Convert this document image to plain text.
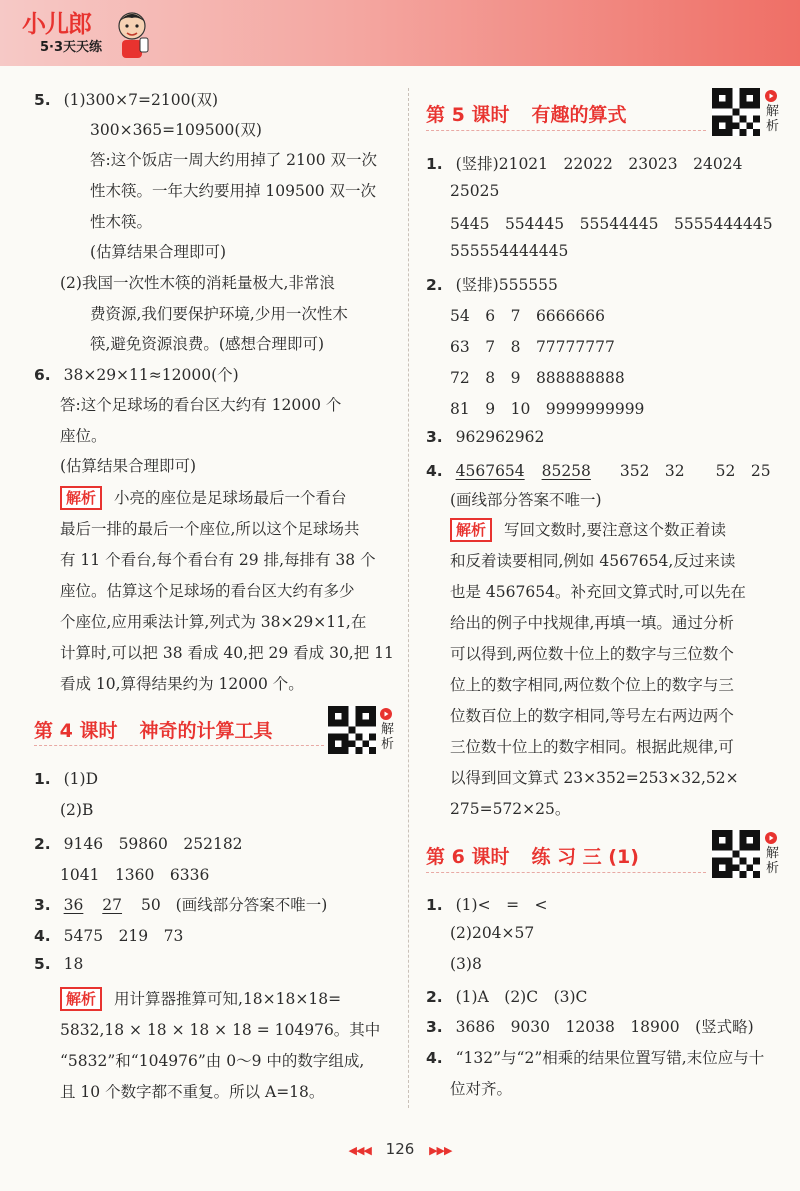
小儿郎
5·3天天练
5. (1)300×7=2100(双)
300×365=109500(双)
答:这个饭店一周大约用掉了 2100 双一次
性木筷。一年大约要用掉 109500 双一次
性木筷。
(估算结果合理即可)
(2)我国一次性木筷的消耗量极大,非常浪
费资源,我们要保护环境,少用一次性木
筷,避免资源浪费。(感想合理即可)
6. 38×29×11≈12000(个)
答:这个足球场的看台区大约有 12000 个
座位。
(估算结果合理即可)
解析 小亮的座位是足球场最后一个看台
最后一排的最后一个座位,所以这个足球场共
有 11 个看台,每个看台有 29 排,每排有 38 个
座位。估算这个足球场的看台区大约有多少
个座位,应用乘法计算,列式为 38×29×11,在
计算时,可以把 38 看成 40,把 29 看成 30,把 11
看成 10,算得结果约为 12000 个。
第 4 课时 神奇的计算工具	解析
1. (1)D
(2)B
2. 9146　59860　252182
1041　1360　6336
3. 36 27 50 (画线部分答案不唯一)
4. 5475　219　73
5. 18
解析 用计算器推算可知,18×18×18=
5832,18 × 18 × 18 × 18 = 104976。其中
“5832”和“104976”由 0～9 中的数字组成,
且 10 个数字都不重复。所以 A=18。
第 5 课时 有趣的算式	解析
1. (竖排)21021　22022　23023　24024
25025
5445　554445　55544445　5555444445
555554444445
2. (竖排)555555
54　6　7　6666666
63　7　8　77777777
72　8　9　888888888
81　9　10　9999999999
3. 962962962
4. 4567654 85258 352　32　　52　25
(画线部分答案不唯一)
解析 写回文数时,要注意这个数正着读
和反着读要相同,例如 4567654,反过来读
也是 4567654。补充回文算式时,可以先在
给出的例子中找规律,再填一填。通过分析
可以得到,两位数十位上的数字与三位数个
位上的数字相同,两位数个位上的数字与三
位数百位上的数字相同,等号左右两边两个
三位数十位上的数字相同。根据此规律,可
以得到回文算式 23×352=253×32,52×
275=572×25。
第 6 课时 练 习 三 (1)	解析
1. (1)<　=　<
(2)204×57
(3)8
2. (1)A　(2)C　(3)C
3. 3686　9030　12038　18900　(竖式略)
4. “132”与“2”相乘的结果位置写错,末位应与十
位对齐。
◀◀◀ 126 ▶▶▶
